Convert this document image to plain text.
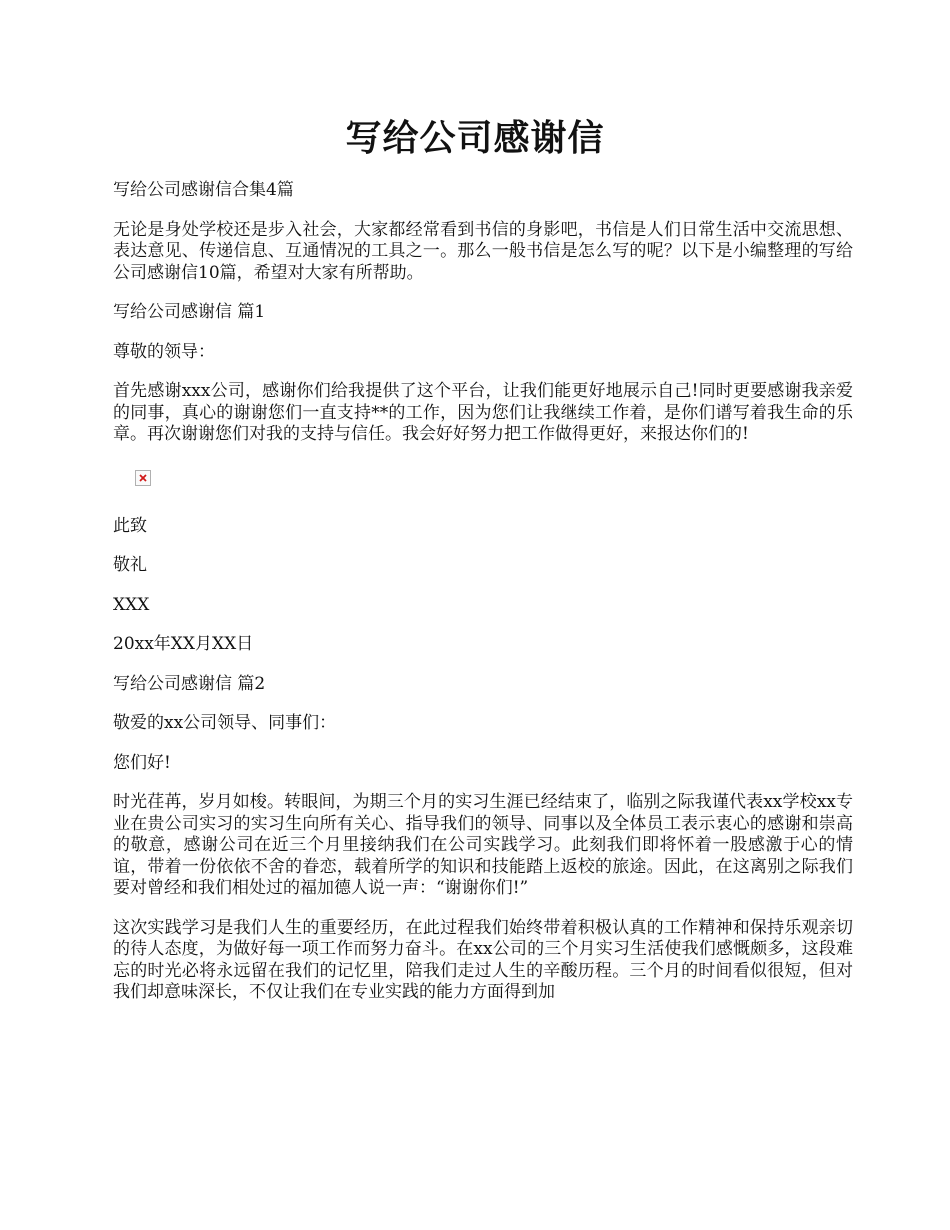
写给公司感谢信

写给公司感谢信合集4篇

无论是身处学校还是步入社会，大家都经常看到书信的身影吧，书信是人们日常生活中交流思想、表达意见、传递信息、互通情况的工具之一。那么一般书信是怎么写的呢？以下是小编整理的写给公司感谢信10篇，希望对大家有所帮助。

写给公司感谢信 篇1

尊敬的领导：

首先感谢xxx公司，感谢你们给我提供了这个平台，让我们能更好地展示自己!同时更要感谢我亲爱的同事，真心的谢谢您们一直支持**的工作，因为您们让我继续工作着，是你们谱写着我生命的乐章。再次谢谢您们对我的支持与信任。我会好好努力把工作做得更好，来报达你们的!

此致

敬礼

XXX

20xx年XX月XX日

写给公司感谢信 篇2

敬爱的xx公司领导、同事们：

您们好!

时光荏苒，岁月如梭。转眼间，为期三个月的实习生涯已经结束了，临别之际我谨代表xx学校xx专业在贵公司实习的实习生向所有关心、指导我们的领导、同事以及全体员工表示衷心的感谢和崇高的敬意，感谢公司在近三个月里接纳我们在公司实践学习。此刻我们即将怀着一股感激于心的情谊，带着一份依依不舍的眷恋，载着所学的知识和技能踏上返校的旅途。因此，在这离别之际我们要对曾经和我们相处过的福加德人说一声：“谢谢你们!”

这次实践学习是我们人生的重要经历，在此过程我们始终带着积极认真的工作精神和保持乐观亲切的待人态度，为做好每一项工作而努力奋斗。在xx公司的三个月实习生活使我们感慨颇多，这段难忘的时光必将永远留在我们的记忆里，陪我们走过人生的辛酸历程。三个月的时间看似很短，但对我们却意味深长，不仅让我们在专业实践的能力方面得到加
